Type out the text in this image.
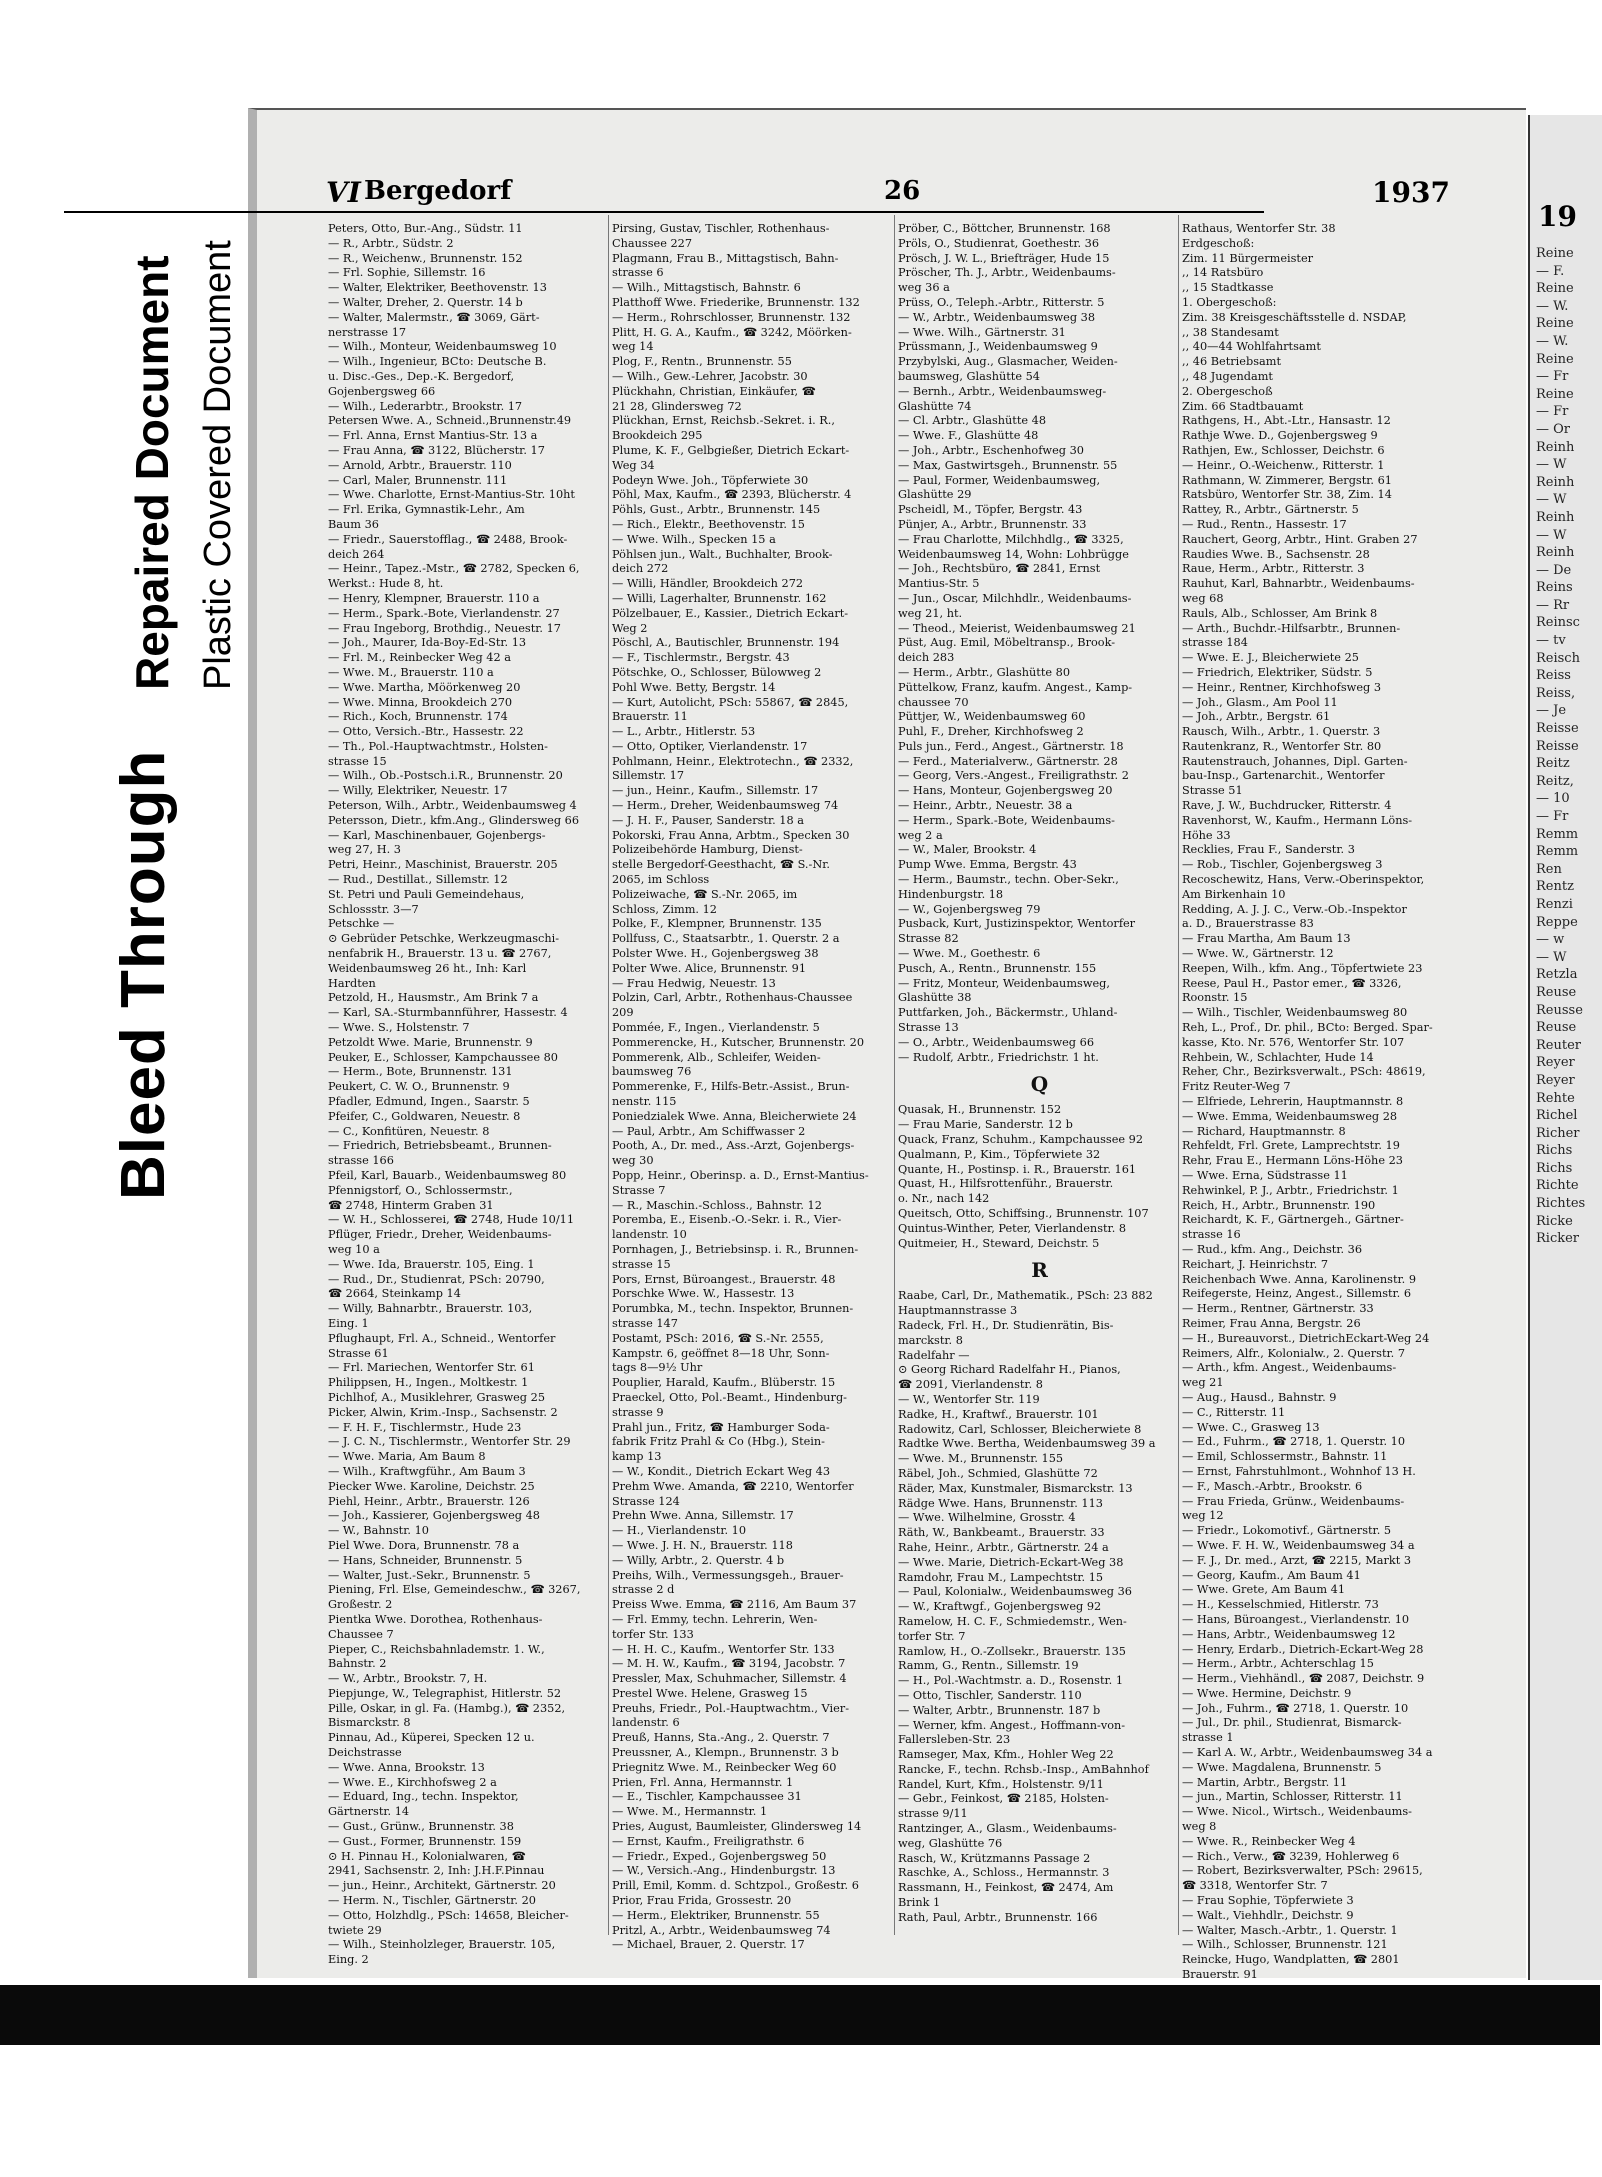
Bleed Through
Repaired Document Plastic Covered Document
19
Reine
— F.
Reine
— W.
Reine
— W.
Reine
— Fr
Reine
— Fr
— Or
Reinh
— W
Reinh
— W
Reinh
— W
Reinh
— De
Reins
— Rr
Reinsc
— tv
Reisch
Reiss
Reiss,
— Je
Reisse
Reisse
Reitz
Reitz,
— 10
— Fr
Remm
Remm
Ren
Rentz
Renzi
Reppe
— w
— W
Retzla
Reuse
Reusse
Reuse
Reuter
Reyer
Reyer
Rehte
Richel
Richer
Richs
Richs
Richte
Richtes
Ricke
Ricker
VI Bergedorf	26	1937
Peters, Otto, Bur.-Ang., Südstr. 11
— R., Arbtr., Südstr. 2
— R., Weichenw., Brunnenstr. 152
— Frl. Sophie, Sillemstr. 16
— Walter, Elektriker, Beethovenstr. 13
— Walter, Dreher, 2. Querstr. 14 b
— Walter, Malermstr., ☎ 3069, Gärt-
nerstrasse 17
— Wilh., Monteur, Weidenbaumsweg 10
— Wilh., Ingenieur, BCto: Deutsche B.
u. Disc.-Ges., Dep.-K. Bergedorf,
Gojenbergsweg 66
— Wilh., Lederarbtr., Brookstr. 17
Petersen Wwe. A., Schneid.,Brunnenstr.49
— Frl. Anna, Ernst Mantius-Str. 13 a
— Frau Anna, ☎ 3122, Blücherstr. 17
— Arnold, Arbtr., Brauerstr. 110
— Carl, Maler, Brunnenstr. 111
— Wwe. Charlotte, Ernst-Mantius-Str. 10ht
— Frl. Erika, Gymnastik-Lehr., Am
Baum 36
— Friedr., Sauerstofflag., ☎ 2488, Brook-
deich 264
— Heinr., Tapez.-Mstr., ☎ 2782, Specken 6,
Werkst.: Hude 8, ht.
— Henry, Klempner, Brauerstr. 110 a
— Herm., Spark.-Bote, Vierlandenstr. 27
— Frau Ingeborg, Brothdig., Neuestr. 17
— Joh., Maurer, Ida-Boy-Ed-Str. 13
— Frl. M., Reinbecker Weg 42 a
— Wwe. M., Brauerstr. 110 a
— Wwe. Martha, Möörkenweg 20
— Wwe. Minna, Brookdeich 270
— Rich., Koch, Brunnenstr. 174
— Otto, Versich.-Btr., Hassestr. 22
— Th., Pol.-Hauptwachtmstr., Holsten-
strasse 15
— Wilh., Ob.-Postsch.i.R., Brunnenstr. 20
— Willy, Elektriker, Neuestr. 17
Peterson, Wilh., Arbtr., Weidenbaumsweg 4
Petersson, Dietr., kfm.Ang., Glindersweg 66
— Karl, Maschinenbauer, Gojenbergs-
weg 27, H. 3
Petri, Heinr., Maschinist, Brauerstr. 205
— Rud., Destillat., Sillemstr. 12
St. Petri und Pauli Gemeindehaus,
Schlossstr. 3—7
Petschke —
⊙ Gebrüder Petschke, Werkzeugmaschi-
nenfabrik H., Brauerstr. 13 u. ☎ 2767,
Weidenbaumsweg 26 ht., Inh: Karl
Hardten
Petzold, H., Hausmstr., Am Brink 7 a
— Karl, SA.-Sturmbannführer, Hassestr. 4
— Wwe. S., Holstenstr. 7
Petzoldt Wwe. Marie, Brunnenstr. 9
Peuker, E., Schlosser, Kampchaussee 80
— Herm., Bote, Brunnenstr. 131
Peukert, C. W. O., Brunnenstr. 9
Pfadler, Edmund, Ingen., Saarstr. 5
Pfeifer, C., Goldwaren, Neuestr. 8
— C., Konfitüren, Neuestr. 8
— Friedrich, Betriebsbeamt., Brunnen-
strasse 166
Pfeil, Karl, Bauarb., Weidenbaumsweg 80
Pfennigstorf, O., Schlossermstr.,
☎ 2748, Hinterm Graben 31
— W. H., Schlosserei, ☎ 2748, Hude 10/11
Pflüger, Friedr., Dreher, Weidenbaums-
weg 10 a
— Wwe. Ida, Brauerstr. 105, Eing. 1
— Rud., Dr., Studienrat, PSch: 20790,
☎ 2664, Steinkamp 14
— Willy, Bahnarbtr., Brauerstr. 103,
Eing. 1
Pflughaupt, Frl. A., Schneid., Wentorfer
Strasse 61
— Frl. Mariechen, Wentorfer Str. 61
Philippsen, H., Ingen., Moltkestr. 1
Pichlhof, A., Musiklehrer, Grasweg 25
Picker, Alwin, Krim.-Insp., Sachsenstr. 2
— F. H. F., Tischlermstr., Hude 23
— J. C. N., Tischlermstr., Wentorfer Str. 29
— Wwe. Maria, Am Baum 8
— Wilh., Kraftwgführ., Am Baum 3
Piecker Wwe. Karoline, Deichstr. 25
Piehl, Heinr., Arbtr., Brauerstr. 126
— Joh., Kassierer, Gojenbergsweg 48
— W., Bahnstr. 10
Piel Wwe. Dora, Brunnenstr. 78 a
— Hans, Schneider, Brunnenstr. 5
— Walter, Just.-Sekr., Brunnenstr. 5
Piening, Frl. Else, Gemeindeschw., ☎ 3267,
Großestr. 2
Pientka Wwe. Dorothea, Rothenhaus-
Chaussee 7
Pieper, C., Reichsbahnlademstr. 1. W.,
Bahnstr. 2
— W., Arbtr., Brookstr. 7, H.
Piepjunge, W., Telegraphist, Hitlerstr. 52
Pille, Oskar, in gl. Fa. (Hambg.), ☎ 2352,
Bismarckstr. 8
Pinnau, Ad., Küperei, Specken 12 u.
Deichstrasse
— Wwe. Anna, Brookstr. 13
— Wwe. E., Kirchhofsweg 2 a
— Eduard, Ing., techn. Inspektor,
Gärtnerstr. 14
— Gust., Grünw., Brunnenstr. 38
— Gust., Former, Brunnenstr. 159
⊙ H. Pinnau H., Kolonialwaren, ☎
2941, Sachsenstr. 2, Inh: J.H.F.Pinnau
— jun., Heinr., Architekt, Gärtnerstr. 20
— Herm. N., Tischler, Gärtnerstr. 20
— Otto, Holzhdlg., PSch: 14658, Bleicher-
twiete 29
— Wilh., Steinholzleger, Brauerstr. 105,
Eing. 2
Pirsing, Gustav, Tischler, Rothenhaus-
Chaussee 227
Plagmann, Frau B., Mittagstisch, Bahn-
strasse 6
— Wilh., Mittagstisch, Bahnstr. 6
Platthoff Wwe. Friederike, Brunnenstr. 132
— Herm., Rohrschlosser, Brunnenstr. 132
Plitt, H. G. A., Kaufm., ☎ 3242, Möörken-
weg 14
Plog, F., Rentn., Brunnenstr. 55
— Wilh., Gew.-Lehrer, Jacobstr. 30
Plückhahn, Christian, Einkäufer, ☎
21 28, Glindersweg 72
Plückhan, Ernst, Reichsb.-Sekret. i. R.,
Brookdeich 295
Plume, K. F., Gelbgießer, Dietrich Eckart-
Weg 34
Podeyn Wwe. Joh., Töpferwiete 30
Pöhl, Max, Kaufm., ☎ 2393, Blücherstr. 4
Pöhls, Gust., Arbtr., Brunnenstr. 145
— Rich., Elektr., Beethovenstr. 15
— Wwe. Wilh., Specken 15 a
Pöhlsen jun., Walt., Buchhalter, Brook-
deich 272
— Willi, Händler, Brookdeich 272
— Willi, Lagerhalter, Brunnenstr. 162
Pölzelbauer, E., Kassier., Dietrich Eckart-
Weg 2
Pöschl, A., Bautischler, Brunnenstr. 194
— F., Tischlermstr., Bergstr. 43
Pötschke, O., Schlosser, Bülowweg 2
Pohl Wwe. Betty, Bergstr. 14
— Kurt, Autolicht, PSch: 55867, ☎ 2845,
Brauerstr. 11
— L., Arbtr., Hitlerstr. 53
— Otto, Optiker, Vierlandenstr. 17
Pohlmann, Heinr., Elektrotechn., ☎ 2332,
Sillemstr. 17
— jun., Heinr., Kaufm., Sillemstr. 17
— Herm., Dreher, Weidenbaumsweg 74
— J. H. F., Pauser, Sanderstr. 18 a
Pokorski, Frau Anna, Arbtm., Specken 30
Polizeibehörde Hamburg, Dienst-
stelle Bergedorf-Geesthacht, ☎ S.-Nr.
2065, im Schloss
Polizeiwache, ☎ S.-Nr. 2065, im
Schloss, Zimm. 12
Polke, F., Klempner, Brunnenstr. 135
Pollfuss, C., Staatsarbtr., 1. Querstr. 2 a
Polster Wwe. H., Gojenbergsweg 38
Polter Wwe. Alice, Brunnenstr. 91
— Frau Hedwig, Neuestr. 13
Polzin, Carl, Arbtr., Rothenhaus-Chaussee
209
Pommée, F., Ingen., Vierlandenstr. 5
Pommerencke, H., Kutscher, Brunnenstr. 20
Pommerenk, Alb., Schleifer, Weiden-
baumsweg 76
Pommerenke, F., Hilfs-Betr.-Assist., Brun-
nenstr. 115
Poniedzialek Wwe. Anna, Bleicherwiete 24
— Paul, Arbtr., Am Schiffwasser 2
Pooth, A., Dr. med., Ass.-Arzt, Gojenbergs-
weg 30
Popp, Heinr., Oberinsp. a. D., Ernst-Mantius-
Strasse 7
— R., Maschin.-Schloss., Bahnstr. 12
Poremba, E., Eisenb.-O.-Sekr. i. R., Vier-
landenstr. 10
Pornhagen, J., Betriebsinsp. i. R., Brunnen-
strasse 15
Pors, Ernst, Büroangest., Brauerstr. 48
Porschke Wwe. W., Hassestr. 13
Porumbka, M., techn. Inspektor, Brunnen-
strasse 147
Postamt, PSch: 2016, ☎ S.-Nr. 2555,
Kampstr. 6, geöffnet 8—18 Uhr, Sonn-
tags 8—9½ Uhr
Pouplier, Harald, Kaufm., Blüberstr. 15
Praeckel, Otto, Pol.-Beamt., Hindenburg-
strasse 9
Prahl jun., Fritz, ☎ Hamburger Soda-
fabrik Fritz Prahl & Co (Hbg.), Stein-
kamp 13
— W., Kondit., Dietrich Eckart Weg 43
Prehm Wwe. Amanda, ☎ 2210, Wentorfer
Strasse 124
Prehn Wwe. Anna, Sillemstr. 17
— H., Vierlandenstr. 10
— Wwe. J. H. N., Brauerstr. 118
— Willy, Arbtr., 2. Querstr. 4 b
Preihs, Wilh., Vermessungsgeh., Brauer-
strasse 2 d
Preiss Wwe. Emma, ☎ 2116, Am Baum 37
— Frl. Emmy, techn. Lehrerin, Wen-
torfer Str. 133
— H. H. C., Kaufm., Wentorfer Str. 133
— M. H. W., Kaufm., ☎ 3194, Jacobstr. 7
Pressler, Max, Schuhmacher, Sillemstr. 4
Prestel Wwe. Helene, Grasweg 15
Preuhs, Friedr., Pol.-Hauptwachtm., Vier-
landenstr. 6
Preuß, Hanns, Sta.-Ang., 2. Querstr. 7
Preussner, A., Klempn., Brunnenstr. 3 b
Priegnitz Wwe. M., Reinbecker Weg 60
Prien, Frl. Anna, Hermannstr. 1
— E., Tischler, Kampchaussee 31
— Wwe. M., Hermannstr. 1
Pries, August, Baumleister, Glindersweg 14
— Ernst, Kaufm., Freiligrathstr. 6
— Friedr., Exped., Gojenbergsweg 50
— W., Versich.-Ang., Hindenburgstr. 13
Prill, Emil, Komm. d. Schtzpol., Großestr. 6
Prior, Frau Frida, Grossestr. 20
— Herm., Elektriker, Brunnenstr. 55
Pritzl, A., Arbtr., Weidenbaumsweg 74
— Michael, Brauer, 2. Querstr. 17
Pröber, C., Böttcher, Brunnenstr. 168
Pröls, O., Studienrat, Goethestr. 36
Prösch, J. W. L., Briefträger, Hude 15
Pröscher, Th. J., Arbtr., Weidenbaums-
weg 36 a
Prüss, O., Teleph.-Arbtr., Ritterstr. 5
— W., Arbtr., Weidenbaumsweg 38
— Wwe. Wilh., Gärtnerstr. 31
Prüssmann, J., Weidenbaumsweg 9
Przybylski, Aug., Glasmacher, Weiden-
baumsweg, Glashütte 54
— Bernh., Arbtr., Weidenbaumsweg-
Glashütte 74
— Cl. Arbtr., Glashütte 48
— Wwe. F., Glashütte 48
— Joh., Arbtr., Eschenhofweg 30
— Max, Gastwirtsgeh., Brunnenstr. 55
— Paul, Former, Weidenbaumsweg,
Glashütte 29
Pscheidl, M., Töpfer, Bergstr. 43
Pünjer, A., Arbtr., Brunnenstr. 33
— Frau Charlotte, Milchhdlg., ☎ 3325,
Weidenbaumsweg 14, Wohn: Lohbrügge
— Joh., Rechtsbüro, ☎ 2841, Ernst
Mantius-Str. 5
— Jun., Oscar, Milchhdlr., Weidenbaums-
weg 21, ht.
— Theod., Meierist, Weidenbaumsweg 21
Püst, Aug. Emil, Möbeltransp., Brook-
deich 283
— Herm., Arbtr., Glashütte 80
Püttelkow, Franz, kaufm. Angest., Kamp-
chaussee 70
Püttjer, W., Weidenbaumsweg 60
Puhl, F., Dreher, Kirchhofsweg 2
Puls jun., Ferd., Angest., Gärtnerstr. 18
— Ferd., Materialverw., Gärtnerstr. 28
— Georg, Vers.-Angest., Freiligrathstr. 2
— Hans, Monteur, Gojenbergsweg 20
— Heinr., Arbtr., Neuestr. 38 a
— Herm., Spark.-Bote, Weidenbaums-
weg 2 a
— W., Maler, Brookstr. 4
Pump Wwe. Emma, Bergstr. 43
— Herm., Baumstr., techn. Ober-Sekr.,
Hindenburgstr. 18
— W., Gojenbergsweg 79
Pusback, Kurt, Justizinspektor, Wentorfer
Strasse 82
— Wwe. M., Goethestr. 6
Pusch, A., Rentn., Brunnenstr. 155
— Fritz, Monteur, Weidenbaumsweg,
Glashütte 38
Puttfarken, Joh., Bäckermstr., Uhland-
Strasse 13
— O., Arbtr., Weidenbaumsweg 66
— Rudolf, Arbtr., Friedrichstr. 1 ht.
Q
Quasak, H., Brunnenstr. 152
— Frau Marie, Sanderstr. 12 b
Quack, Franz, Schuhm., Kampchaussee 92
Qualmann, P., Kim., Töpferwiete 32
Quante, H., Postinsp. i. R., Brauerstr. 161
Quast, H., Hilfsrottenführ., Brauerstr.
o. Nr., nach 142
Queitsch, Otto, Schiffsing., Brunnenstr. 107
Quintus-Winther, Peter, Vierlandenstr. 8
Quitmeier, H., Steward, Deichstr. 5
R
Raabe, Carl, Dr., Mathematik., PSch: 23 882
Hauptmannstrasse 3
Radeck, Frl. H., Dr. Studienrätin, Bis-
marckstr. 8
Radelfahr —
⊙ Georg Richard Radelfahr H., Pianos,
☎ 2091, Vierlandenstr. 8
— W., Wentorfer Str. 119
Radke, H., Kraftwf., Brauerstr. 101
Radowitz, Carl, Schlosser, Bleicherwiete 8
Radtke Wwe. Bertha, Weidenbaumsweg 39 a
— Wwe. M., Brunnenstr. 155
Räbel, Joh., Schmied, Glashütte 72
Räder, Max, Kunstmaler, Bismarckstr. 13
Rädge Wwe. Hans, Brunnenstr. 113
— Wwe. Wilhelmine, Grosstr. 4
Räth, W., Bankbeamt., Brauerstr. 33
Rahe, Heinr., Arbtr., Gärtnerstr. 24 a
— Wwe. Marie, Dietrich-Eckart-Weg 38
Ramdohr, Frau M., Lampechtstr. 15
— Paul, Kolonialw., Weidenbaumsweg 36
— W., Kraftwgf., Gojenbergsweg 92
Ramelow, H. C. F., Schmiedemstr., Wen-
torfer Str. 7
Ramlow, H., O.-Zollsekr., Brauerstr. 135
Ramm, G., Rentn., Sillemstr. 19
— H., Pol.-Wachtmstr. a. D., Rosenstr. 1
— Otto, Tischler, Sanderstr. 110
— Walter, Arbtr., Brunnenstr. 187 b
— Werner, kfm. Angest., Hoffmann-von-
Fallersleben-Str. 23
Ramseger, Max, Kfm., Hohler Weg 22
Rancke, F., techn. Rchsb.-Insp., AmBahnhof
Randel, Kurt, Kfm., Holstenstr. 9/11
— Gebr., Feinkost, ☎ 2185, Holsten-
strasse 9/11
Rantzinger, A., Glasm., Weidenbaums-
weg, Glashütte 76
Rasch, W., Krützmanns Passage 2
Raschke, A., Schloss., Hermannstr. 3
Rassmann, H., Feinkost, ☎ 2474, Am
Brink 1
Rath, Paul, Arbtr., Brunnenstr. 166
Rathaus, Wentorfer Str. 38
Erdgeschoß:
Zim. 11 Bürgermeister
,, 14 Ratsbüro
,, 15 Stadtkasse
1. Obergeschoß:
Zim. 38 Kreisgeschäftsstelle d. NSDAP,
,, 38 Standesamt
,, 40—44 Wohlfahrtsamt
,, 46 Betriebsamt
,, 48 Jugendamt
2. Obergeschoß
Zim. 66 Stadtbauamt
Rathgens, H., Abt.-Ltr., Hansastr. 12
Rathje Wwe. D., Gojenbergsweg 9
Rathjen, Ew., Schlosser, Deichstr. 6
— Heinr., O.-Weichenw., Ritterstr. 1
Rathmann, W. Zimmerer, Bergstr. 61
Ratsbüro, Wentorfer Str. 38, Zim. 14
Rattey, R., Arbtr., Gärtnerstr. 5
— Rud., Rentn., Hassestr. 17
Rauchert, Georg, Arbtr., Hint. Graben 27
Raudies Wwe. B., Sachsenstr. 28
Raue, Herm., Arbtr., Ritterstr. 3
Rauhut, Karl, Bahnarbtr., Weidenbaums-
weg 68
Rauls, Alb., Schlosser, Am Brink 8
— Arth., Buchdr.-Hilfsarbtr., Brunnen-
strasse 184
— Wwe. E. J., Bleicherwiete 25
— Friedrich, Elektriker, Südstr. 5
— Heinr., Rentner, Kirchhofsweg 3
— Joh., Glasm., Am Pool 11
— Joh., Arbtr., Bergstr. 61
Rausch, Wilh., Arbtr., 1. Querstr. 3
Rautenkranz, R., Wentorfer Str. 80
Rautenstrauch, Johannes, Dipl. Garten-
bau-Insp., Gartenarchit., Wentorfer
Strasse 51
Rave, J. W., Buchdrucker, Ritterstr. 4
Ravenhorst, W., Kaufm., Hermann Löns-
Höhe 33
Recklies, Frau F., Sanderstr. 3
— Rob., Tischler, Gojenbergsweg 3
Recoschewitz, Hans, Verw.-Oberinspektor,
Am Birkenhain 10
Redding, A. J. J. C., Verw.-Ob.-Inspektor
a. D., Brauerstrasse 83
— Frau Martha, Am Baum 13
— Wwe. W., Gärtnerstr. 12
Reepen, Wilh., kfm. Ang., Töpfertwiete 23
Reese, Paul H., Pastor emer., ☎ 3326,
Roonstr. 15
— Wilh., Tischler, Weidenbaumsweg 80
Reh, L., Prof., Dr. phil., BCto: Berged. Spar-
kasse, Kto. Nr. 576, Wentorfer Str. 107
Rehbein, W., Schlachter, Hude 14
Reher, Chr., Bezirksverwalt., PSch: 48619,
Fritz Reuter-Weg 7
— Elfriede, Lehrerin, Hauptmannstr. 8
— Wwe. Emma, Weidenbaumsweg 28
— Richard, Hauptmannstr. 8
Rehfeldt, Frl. Grete, Lamprechtstr. 19
Rehr, Frau E., Hermann Löns-Höhe 23
— Wwe. Erna, Südstrasse 11
Rehwinkel, P. J., Arbtr., Friedrichstr. 1
Reich, H., Arbtr., Brunnenstr. 190
Reichardt, K. F., Gärtnergeh., Gärtner-
strasse 16
— Rud., kfm. Ang., Deichstr. 36
Reichart, J. Heinrichstr. 7
Reichenbach Wwe. Anna, Karolinenstr. 9
Reifegerste, Heinz, Angest., Sillemstr. 6
— Herm., Rentner, Gärtnerstr. 33
Reimer, Frau Anna, Bergstr. 26
— H., Bureauvorst., DietrichEckart-Weg 24
Reimers, Alfr., Kolonialw., 2. Querstr. 7
— Arth., kfm. Angest., Weidenbaums-
weg 21
— Aug., Hausd., Bahnstr. 9
— C., Ritterstr. 11
— Wwe. C., Grasweg 13
— Ed., Fuhrm., ☎ 2718, 1. Querstr. 10
— Emil, Schlossermstr., Bahnstr. 11
— Ernst, Fahrstuhlmont., Wohnhof 13 H.
— F., Masch.-Arbtr., Brookstr. 6
— Frau Frieda, Grünw., Weidenbaums-
weg 12
— Friedr., Lokomotivf., Gärtnerstr. 5
— Wwe. F. H. W., Weidenbaumsweg 34 a
— F. J., Dr. med., Arzt, ☎ 2215, Markt 3
— Georg, Kaufm., Am Baum 41
— Wwe. Grete, Am Baum 41
— H., Kesselschmied, Hitlerstr. 73
— Hans, Büroangest., Vierlandenstr. 10
— Hans, Arbtr., Weidenbaumsweg 12
— Henry, Erdarb., Dietrich-Eckart-Weg 28
— Herm., Arbtr., Achterschlag 15
— Herm., Viehhändl., ☎ 2087, Deichstr. 9
— Wwe. Hermine, Deichstr. 9
— Joh., Fuhrm., ☎ 2718, 1. Querstr. 10
— Jul., Dr. phil., Studienrat, Bismarck-
strasse 1
— Karl A. W., Arbtr., Weidenbaumsweg 34 a
— Wwe. Magdalena, Brunnenstr. 5
— Martin, Arbtr., Bergstr. 11
— jun., Martin, Schlosser, Ritterstr. 11
— Wwe. Nicol., Wirtsch., Weidenbaums-
weg 8
— Wwe. R., Reinbecker Weg 4
— Rich., Verw., ☎ 3239, Hohlerweg 6
— Robert, Bezirksverwalter, PSch: 29615,
☎ 3318, Wentorfer Str. 7
— Frau Sophie, Töpferwiete 3
— Walt., Viehhdlr., Deichstr. 9
— Walter, Masch.-Arbtr., 1. Querstr. 1
— Wilh., Schlosser, Brunnenstr. 121
Reincke, Hugo, Wandplatten, ☎ 2801
Brauerstr. 91
